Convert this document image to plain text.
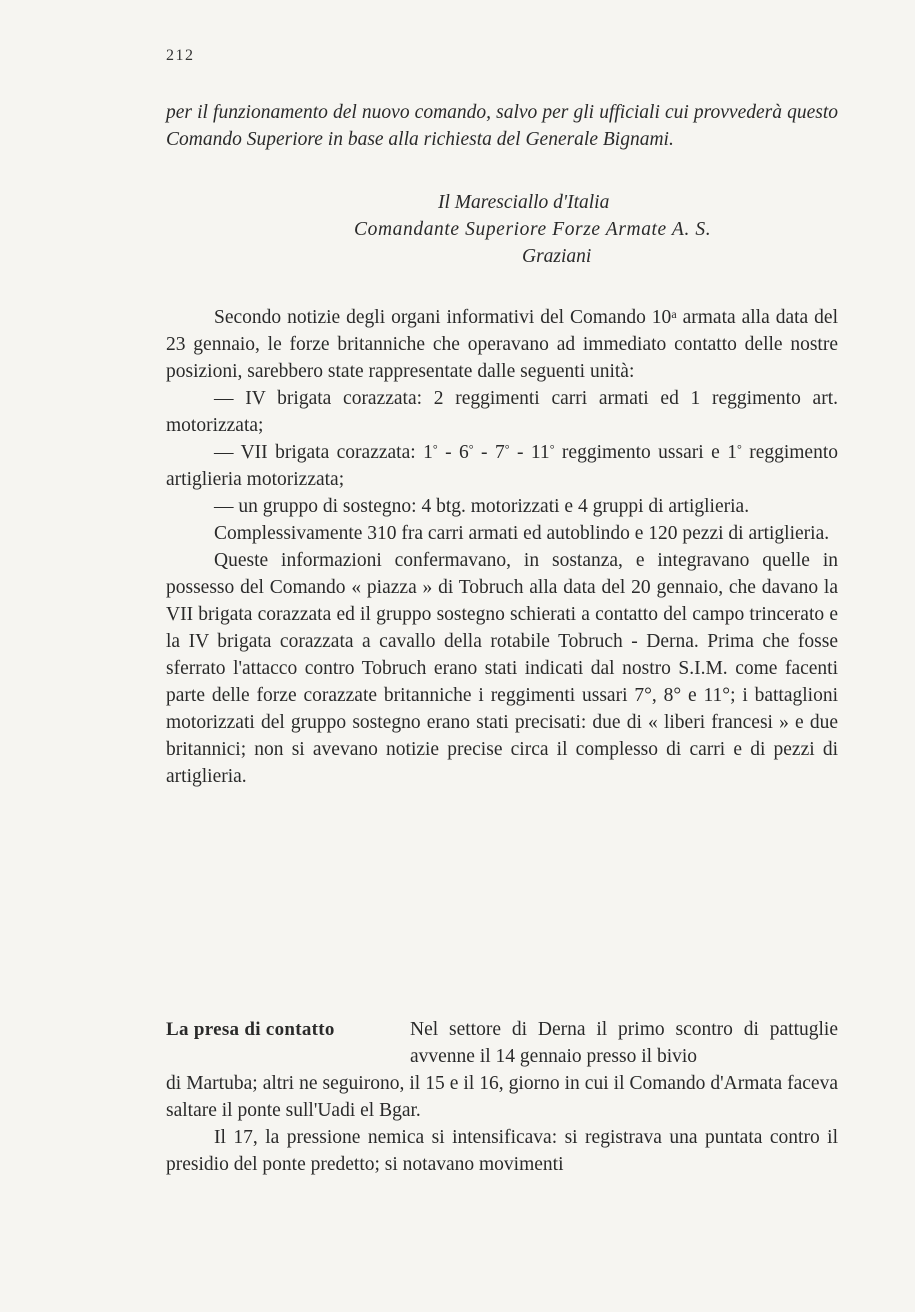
212

per il funzionamento del nuovo comando, salvo per gli ufficiali cui provvederà questo Comando Superiore in base alla richiesta del Generale Bignami.

Il Maresciallo d'Italia
Comandante Superiore Forze Armate A. S.
Graziani

Secondo notizie degli organi informativi del Comando 10$^a$ armata alla data del 23 gennaio, le forze britanniche che operavano ad immediato contatto delle nostre posizioni, sarebbero state rappresentate dalle seguenti unità:

— IV brigata corazzata: 2 reggimenti carri armati ed 1 reggimento art. motorizzata;

— VII brigata corazzata: 1° - 6° - 7° - 11° reggimento ussari e 1° reggimento artiglieria motorizzata;

— un gruppo di sostegno: 4 btg. motorizzati e 4 gruppi di artiglieria.

Complessivamente 310 fra carri armati ed autoblindo e 120 pezzi di artiglieria.

Queste informazioni confermavano, in sostanza, e integravano quelle in possesso del Comando « piazza » di Tobruch alla data del 20 gennaio, che davano la VII brigata corazzata ed il gruppo sostegno schierati a contatto del campo trincerato e la IV brigata corazzata a cavallo della rotabile Tobruch - Derna. Prima che fosse sferrato l'attacco contro Tobruch erano stati indicati dal nostro S.I.M. come facenti parte delle forze corazzate britanniche i reggimenti ussari 7°, 8° e 11°; i battaglioni motorizzati del gruppo sostegno erano stati precisati: due di « liberi francesi » e due britannici; non si avevano notizie precise circa il complesso di carri e di pezzi di artiglieria.

La presa di contatto	Nel settore di Derna il primo scontro di pattuglie avvenne il 14 gennaio presso il bivio

di Martuba; altri ne seguirono, il 15 e il 16, giorno in cui il Comando d'Armata faceva saltare il ponte sull'Uadi el Bgar.

Il 17, la pressione nemica si intensificava: si registrava una puntata contro il presidio del ponte predetto; si notavano movimenti
